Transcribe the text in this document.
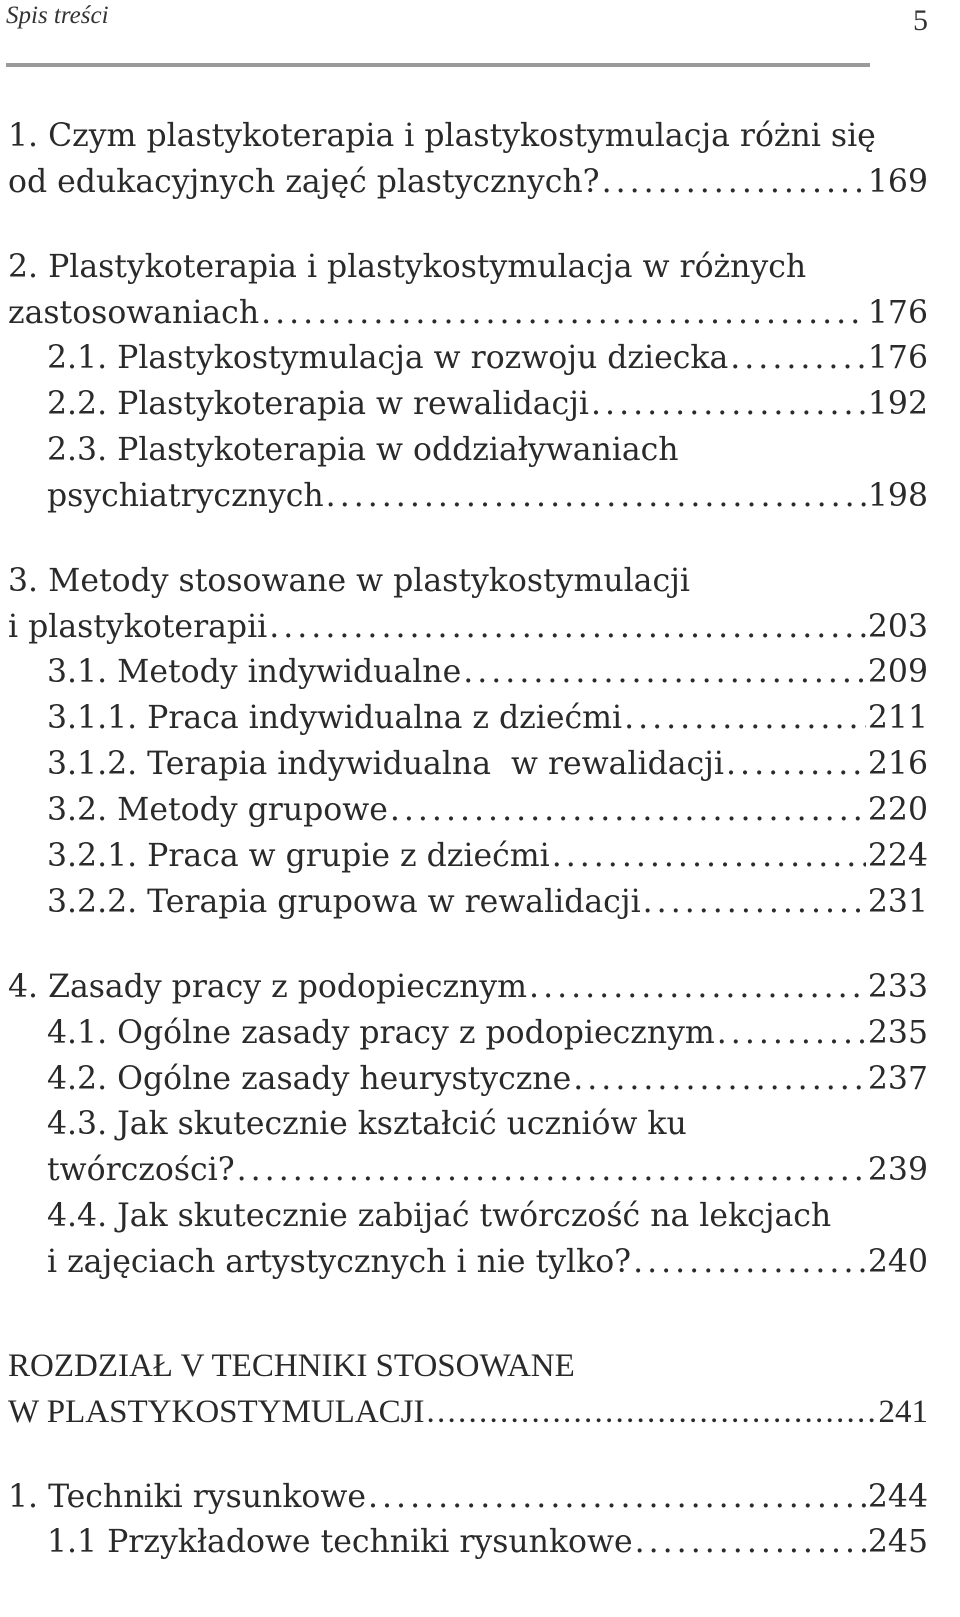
Spis treści	5
1. Czym plastykoterapia i plastykostymulacja różni się
od edukacyjnych zajęć plastycznych? . . .	169
2. Plastykoterapia i plastykostymulacja w różnych
zastosowaniach . . .	176
2.1. Plastykostymulacja w rozwoju dziecka . . .	176
2.2. Plastykoterapia w rewalidacji . . .	192
2.3. Plastykoterapia w oddziaływaniach
psychiatrycznych . . .	198
3. Metody stosowane w plastykostymulacji
i plastykoterapii . . .	203
3.1. Metody indywidualne . . .	209
3.1.1. Praca indywidualna z dziećmi . . .	211
3.1.2. Terapia indywidualna  w rewalidacji . . .	216
3.2. Metody grupowe . . .	220
3.2.1. Praca w grupie z dziećmi . . .	224
3.2.2. Terapia grupowa w rewalidacji . . .	231
4. Zasady pracy z podopiecznym . . .	233
4.1. Ogólne zasady pracy z podopiecznym . . .	235
4.2. Ogólne zasady heurystyczne . . .	237
4.3. Jak skutecznie kształcić uczniów ku
twórczości? . . .	239
4.4. Jak skutecznie zabijać twórczość na lekcjach
i zajęciach artystycznych i nie tylko? . . .	240
ROZDZIAŁ V TECHNIKI STOSOWANE
W PLASTYKOSTYMULACJI . . .	241
1. Techniki rysunkowe . . .	244
1.1 Przykładowe techniki rysunkowe . . .	245
